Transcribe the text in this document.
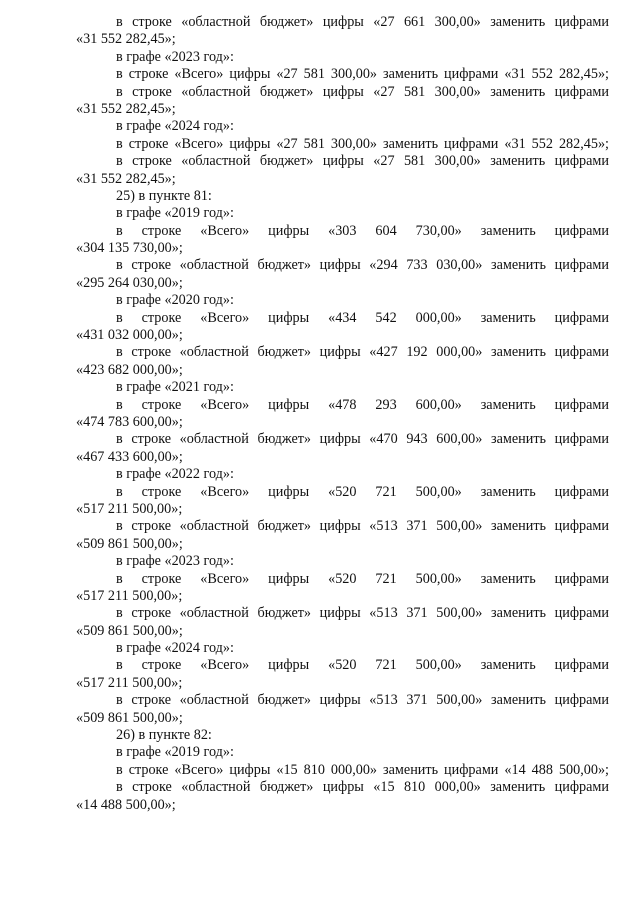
в строке «областной бюджет» цифры «27 661 300,00» заменить цифрами
«31 552 282,45»;
в графе «2023 год»:
в строке «Всего» цифры «27 581 300,00» заменить цифрами «31 552 282,45»;
в строке «областной бюджет» цифры «27 581 300,00» заменить цифрами
«31 552 282,45»;
в графе «2024 год»:
в строке «Всего» цифры «27 581 300,00» заменить цифрами «31 552 282,45»;
в строке «областной бюджет» цифры «27 581 300,00» заменить цифрами
«31 552 282,45»;
25) в пункте 81:
в графе «2019 год»:
в строке «Всего» цифры «303 604 730,00» заменить цифрами
«304 135 730,00»;
в строке «областной бюджет» цифры «294 733 030,00» заменить цифрами
«295 264 030,00»;
в графе «2020 год»:
в строке «Всего» цифры «434 542 000,00» заменить цифрами
«431 032 000,00»;
в строке «областной бюджет» цифры «427 192 000,00» заменить цифрами
«423 682 000,00»;
в графе «2021 год»:
в строке «Всего» цифры «478 293 600,00» заменить цифрами
«474 783 600,00»;
в строке «областной бюджет» цифры «470 943 600,00» заменить цифрами
«467 433 600,00»;
в графе «2022 год»:
в строке «Всего» цифры «520 721 500,00» заменить цифрами
«517 211 500,00»;
в строке «областной бюджет» цифры «513 371 500,00» заменить цифрами
«509 861 500,00»;
в графе «2023 год»:
в строке «Всего» цифры «520 721 500,00» заменить цифрами
«517 211 500,00»;
в строке «областной бюджет» цифры «513 371 500,00» заменить цифрами
«509 861 500,00»;
в графе «2024 год»:
в строке «Всего» цифры «520 721 500,00» заменить цифрами
«517 211 500,00»;
в строке «областной бюджет» цифры «513 371 500,00» заменить цифрами
«509 861 500,00»;
26) в пункте 82:
в графе «2019 год»:
в строке «Всего» цифры «15 810 000,00» заменить цифрами «14 488 500,00»;
в строке «областной бюджет» цифры «15 810 000,00» заменить цифрами
«14 488 500,00»;
